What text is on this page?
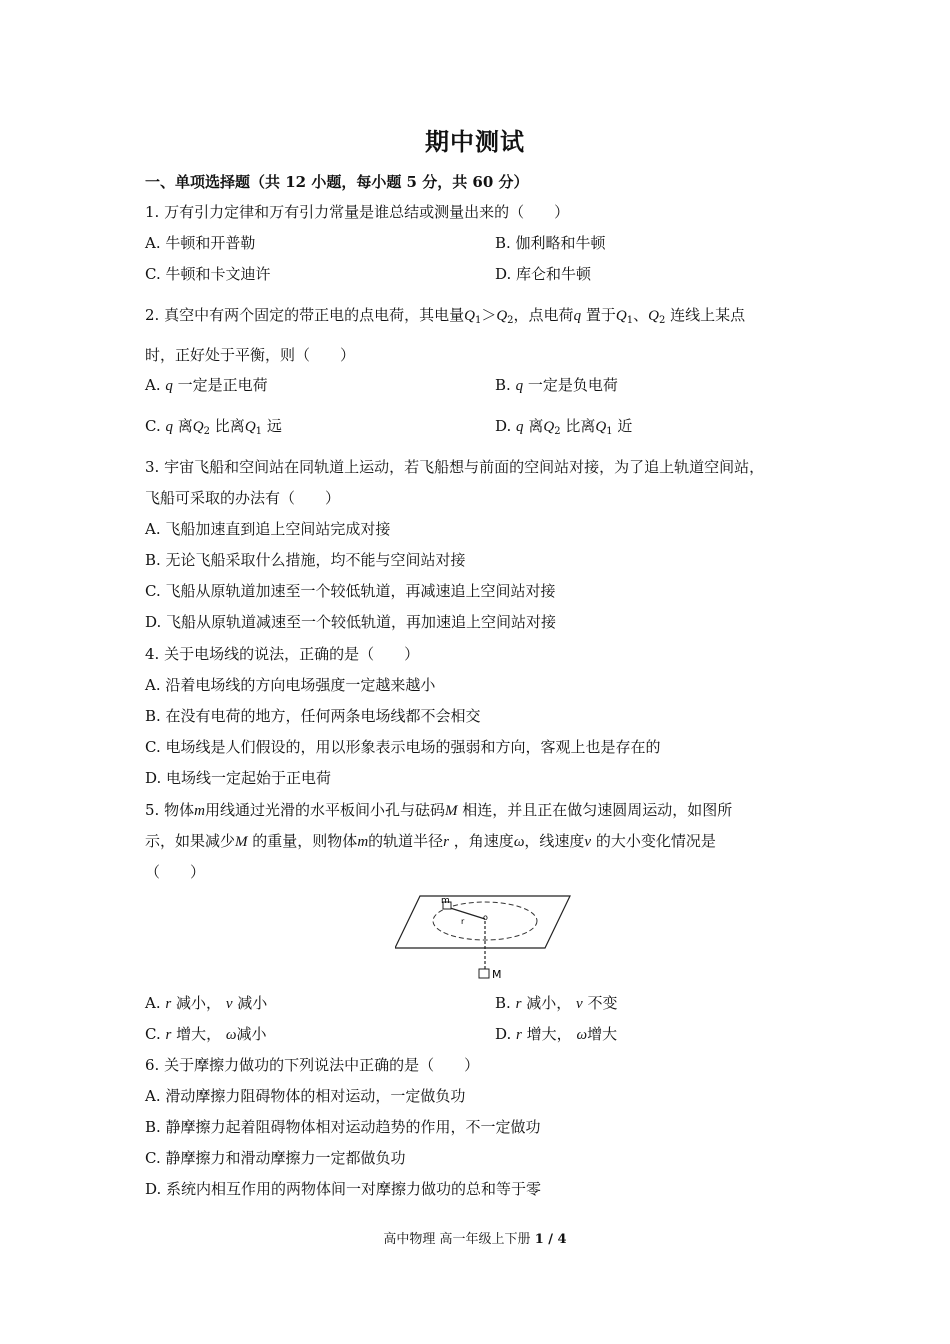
期中测试
一、单项选择题（共 12 小题，每小题 5 分，共 60 分）
1. 万有引力定律和万有引力常量是谁总结或测量出来的（　　）
A. 牛顿和开普勒	B. 伽利略和牛顿
C. 牛顿和卡文迪许	D. 库仑和牛顿
2. 真空中有两个固定的带正电的点电荷，其电量$Q_1>Q_2$，点电荷q 置于$Q_1$、$Q_2$ 连线上某点
时，正好处于平衡，则（　　）
A. q 一定是正电荷	B. q 一定是负电荷
C. q 离$Q_2$ 比离$Q_1$ 远	D. q 离$Q_2$ 比离$Q_1$ 近
3. 宇宙飞船和空间站在同轨道上运动，若飞船想与前面的空间站对接，为了追上轨道空间站，
飞船可采取的办法有（　　）
A. 飞船加速直到追上空间站完成对接
B. 无论飞船采取什么措施，均不能与空间站对接
C. 飞船从原轨道加速至一个较低轨道，再减速追上空间站对接
D. 飞船从原轨道减速至一个较低轨道，再加速追上空间站对接
4. 关于电场线的说法，正确的是（　　）
A. 沿着电场线的方向电场强度一定越来越小
B. 在没有电荷的地方，任何两条电场线都不会相交
C. 电场线是人们假设的，用以形象表示电场的强弱和方向，客观上也是存在的
D. 电场线一定起始于正电荷
5. 物体m用线通过光滑的水平板间小孔与砝码M 相连，并且正在做匀速圆周运动，如图所
示，如果减少M 的重量，则物体m的轨道半径r ，角速度ω，线速度v 的大小变化情况是
（　　）
m
r o
M
A. r 减小， v 减小	B. r 减小， v 不变
C. r 增大， ω减小	D. r 增大， ω增大
6. 关于摩擦力做功的下列说法中正确的是（　　）
A. 滑动摩擦力阻碍物体的相对运动，一定做负功
B. 静摩擦力起着阻碍物体相对运动趋势的作用，不一定做功
C. 静摩擦力和滑动摩擦力一定都做负功
D. 系统内相互作用的两物体间一对摩擦力做功的总和等于零
高中物理 高一年级上下册 1 / 4
